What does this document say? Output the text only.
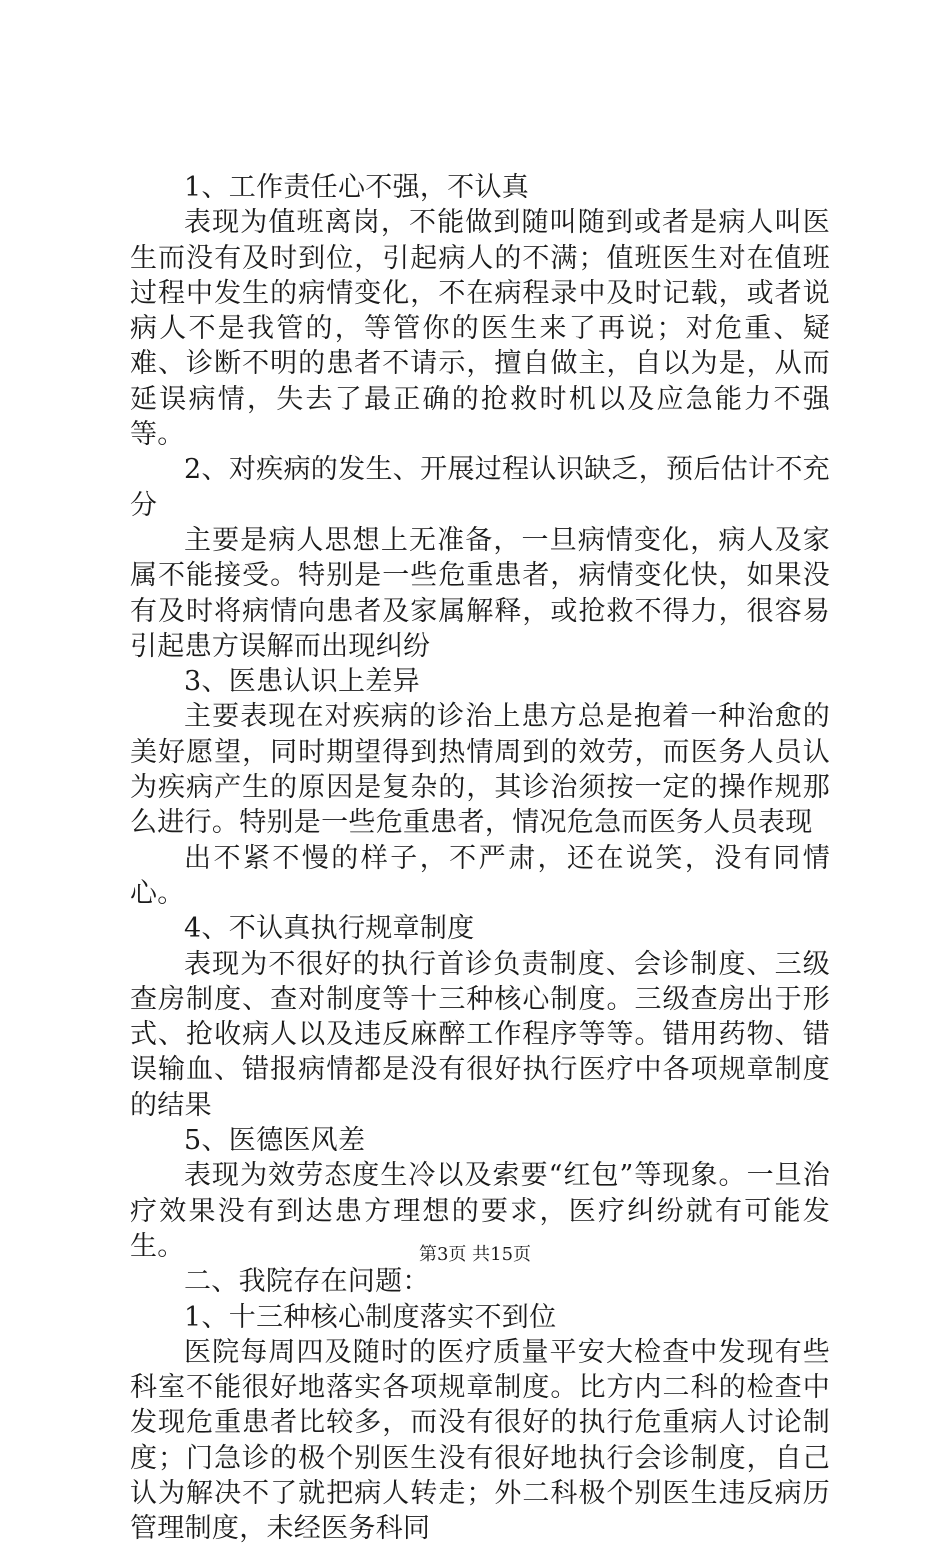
1、工作责任心不强，不认真

表现为值班离岗，不能做到随叫随到或者是病人叫医生而没有及时到位，引起病人的不满；值班医生对在值班过程中发生的病情变化，不在病程录中及时记载，或者说病人不是我管的，等管你的医生来了再说；对危重、疑难、诊断不明的患者不请示，擅自做主，自以为是，从而延误病情，失去了最正确的抢救时机以及应急能力不强等。

2、对疾病的发生、开展过程认识缺乏，预后估计不充分

主要是病人思想上无准备，一旦病情变化，病人及家属不能接受。特别是一些危重患者，病情变化快，如果没有及时将病情向患者及家属解释，或抢救不得力，很容易引起患方误解而出现纠纷

3、医患认识上差异

主要表现在对疾病的诊治上患方总是抱着一种治愈的美好愿望，同时期望得到热情周到的效劳，而医务人员认为疾病产生的原因是复杂的，其诊治须按一定的操作规那么进行。特别是一些危重患者，情况危急而医务人员表现

出不紧不慢的样子，不严肃，还在说笑，没有同情心。

4、不认真执行规章制度

表现为不很好的执行首诊负责制度、会诊制度、三级查房制度、查对制度等十三种核心制度。三级查房出于形式、抢收病人以及违反麻醉工作程序等等。错用药物、错误输血、错报病情都是没有很好执行医疗中各项规章制度的结果

5、医德医风差

表现为效劳态度生冷以及索要“红包”等现象。一旦治疗效果没有到达患方理想的要求，医疗纠纷就有可能发生。

二、我院存在问题：

1、十三种核心制度落实不到位

医院每周四及随时的医疗质量平安大检查中发现有些科室不能很好地落实各项规章制度。比方内二科的检查中发现危重患者比较多，而没有很好的执行危重病人讨论制度；门急诊的极个别医生没有很好地执行会诊制度，自己认为解决不了就把病人转走；外二科极个别医生违反病历管理制度，未经医务科同

第3页 共15页
